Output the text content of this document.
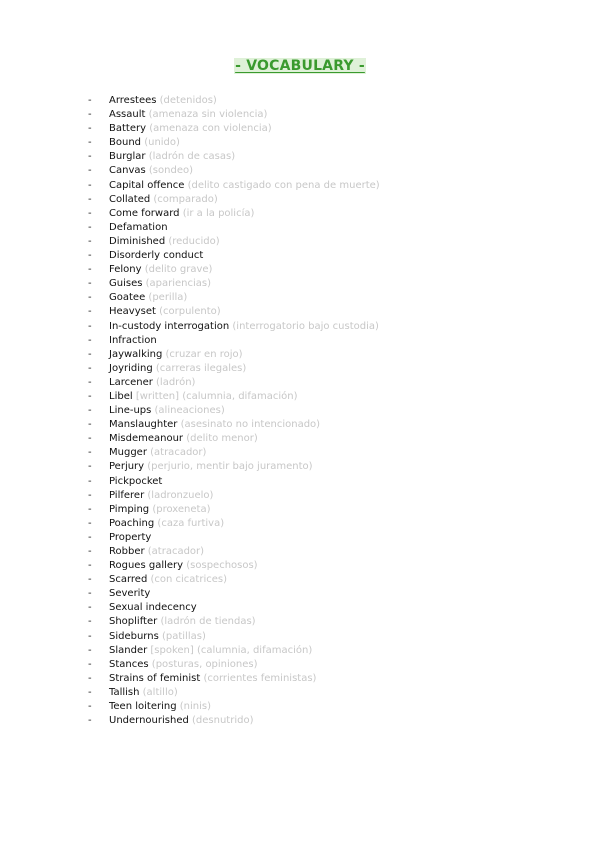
- VOCABULARY -
- Arrestees (detenidos)
- Assault (amenaza sin violencia)
- Battery (amenaza con violencia)
- Bound (unido)
- Burglar (ladrón de casas)
- Canvas (sondeo)
- Capital offence (delito castigado con pena de muerte)
- Collated (comparado)
- Come forward (ir a la policía)
- Defamation
- Diminished (reducido)
- Disorderly conduct
- Felony (delito grave)
- Guises (apariencias)
- Goatee (perilla)
- Heavyset (corpulento)
- In-custody interrogation (interrogatorio bajo custodia)
- Infraction
- Jaywalking (cruzar en rojo)
- Joyriding (carreras ilegales)
- Larcener (ladrón)
- Libel [written] (calumnia, difamación)
- Line-ups (alineaciones)
- Manslaughter (asesinato no intencionado)
- Misdemeanour (delito menor)
- Mugger (atracador)
- Perjury (perjurio, mentir bajo juramento)
- Pickpocket
- Pilferer (ladronzuelo)
- Pimping (proxeneta)
- Poaching (caza furtiva)
- Property
- Robber (atracador)
- Rogues gallery (sospechosos)
- Scarred (con cicatrices)
- Severity
- Sexual indecency
- Shoplifter (ladrón de tiendas)
- Sideburns (patillas)
- Slander [spoken] (calumnia, difamación)
- Stances (posturas, opiniones)
- Strains of feminist (corrientes feministas)
- Tallish (altillo)
- Teen loitering (ninis)
- Undernourished (desnutrido)
